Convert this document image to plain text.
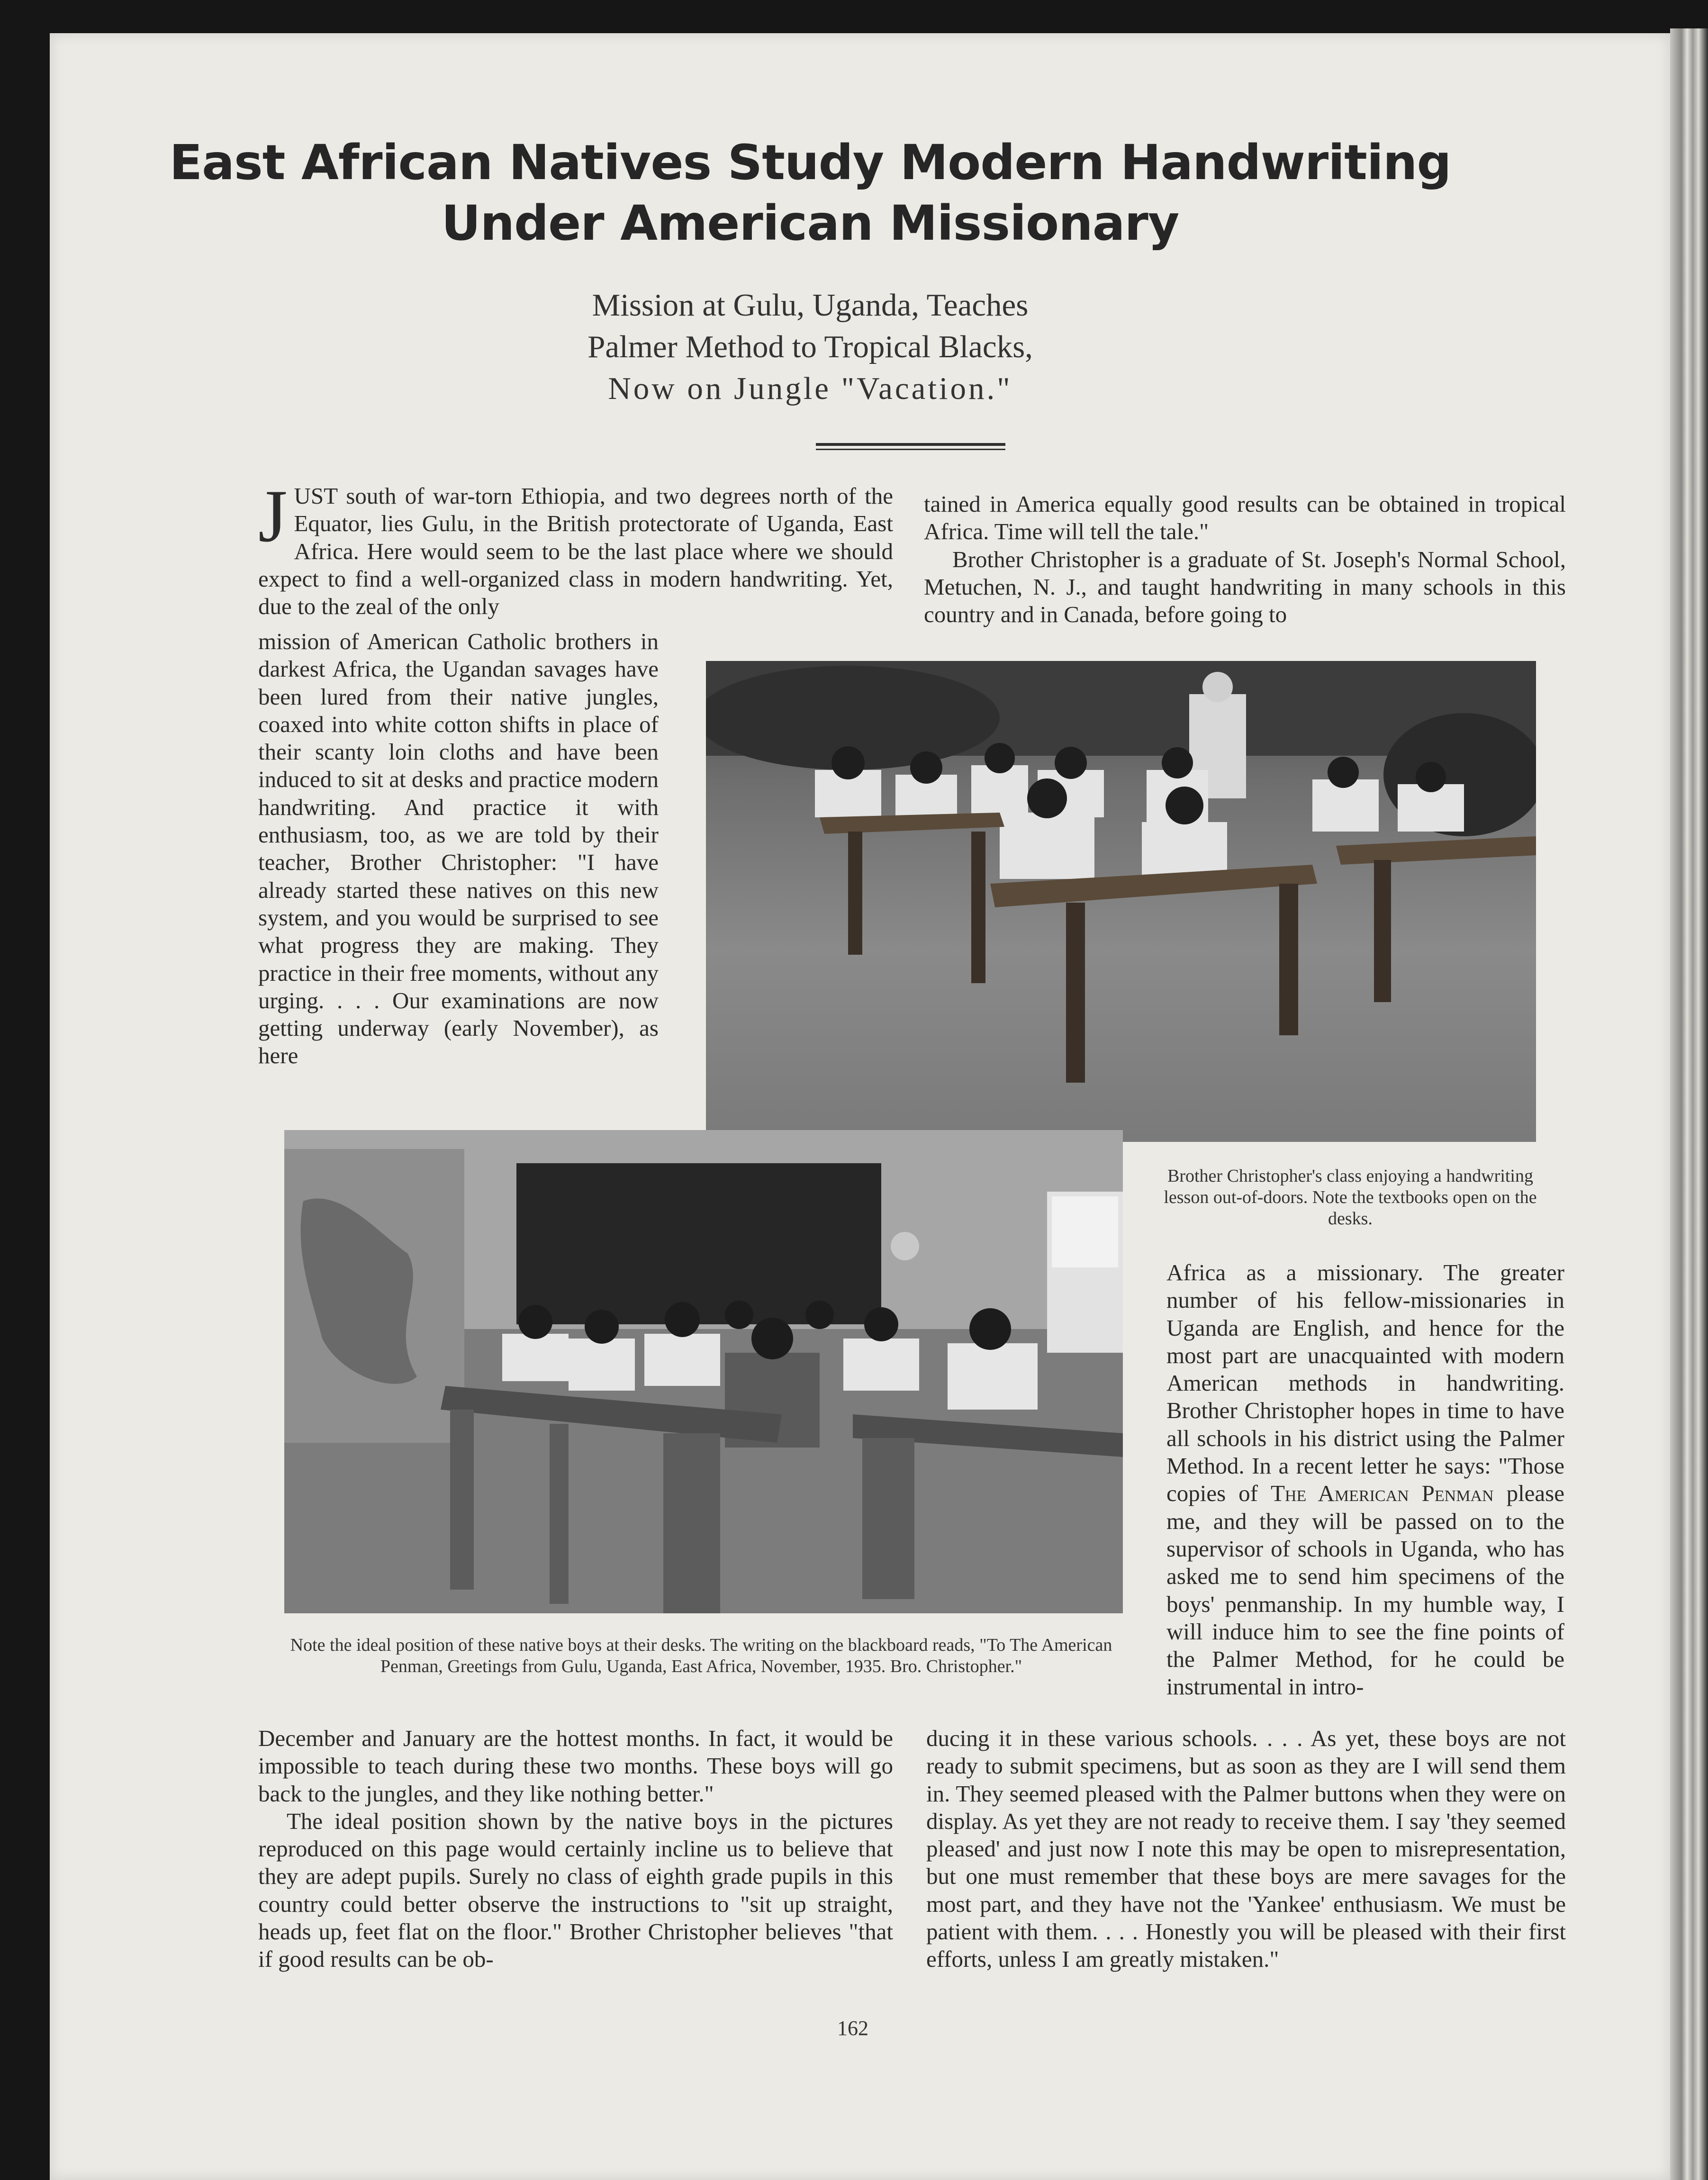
East African Natives Study Modern Handwriting
Under American Missionary
Mission at Gulu, Uganda, Teaches
Palmer Method to Tropical Blacks,
Now on Jungle "Vacation."

JUST south of war-torn Ethiopia, and two degrees north of the Equator, lies Gulu, in the British protectorate of Uganda, East Africa. Here would seem to be the last place where we should expect to find a well-organized class in modern handwriting. Yet, due to the zeal of the only

mission of American Catholic brothers in darkest Africa, the Ugandan savages have been lured from their native jungles, coaxed into white cotton shifts in place of their scanty loin cloths and have been induced to sit at desks and practice modern handwriting. And practice it with enthusiasm, too, as we are told by their teacher, Brother Christopher: "I have already started these natives on this new system, and you would be surprised to see what progress they are making. They practice in their free moments, without any urging. . . . Our examinations are now getting underway (early November), as here

tained in America equally good results can be obtained in tropical Africa. Time will tell the tale."
Brother Christopher is a graduate of St. Joseph's Normal School, Metuchen, N. J., and taught handwriting in many schools in this country and in Canada, before going to

Brother Christopher's class enjoying a handwriting lesson out-of-doors. Note the textbooks open on the desks.

Note the ideal position of these native boys at their desks. The writing on the blackboard reads, "To The American Penman, Greetings from Gulu, Uganda, East Africa, November, 1935. Bro. Christopher."

Africa as a missionary. The greater number of his fellow-missionaries in Uganda are English, and hence for the most part are unacquainted with modern American methods in handwriting. Brother Christopher hopes in time to have all schools in his district using the Palmer Method. In a recent letter he says: "Those copies of The American Penman please me, and they will be passed on to the supervisor of schools in Uganda, who has asked me to send him specimens of the boys' penmanship. In my humble way, I will induce him to see the fine points of the Palmer Method, for he could be instrumental in intro-

December and January are the hottest months. In fact, it would be impossible to teach during these two months. These boys will go back to the jungles, and they like nothing better."
The ideal position shown by the native boys in the pictures reproduced on this page would certainly incline us to believe that they are adept pupils. Surely no class of eighth grade pupils in this country could better observe the instructions to "sit up straight, heads up, feet flat on the floor." Brother Christopher believes "that if good results can be ob-

ducing it in these various schools. . . . As yet, these boys are not ready to submit specimens, but as soon as they are I will send them in. They seemed pleased with the Palmer buttons when they were on display. As yet they are not ready to receive them. I say 'they seemed pleased' and just now I note this may be open to misrepresentation, but one must remember that these boys are mere savages for the most part, and they have not the 'Yankee' enthusiasm. We must be patient with them. . . . Honestly you will be pleased with their first efforts, unless I am greatly mistaken."

162
